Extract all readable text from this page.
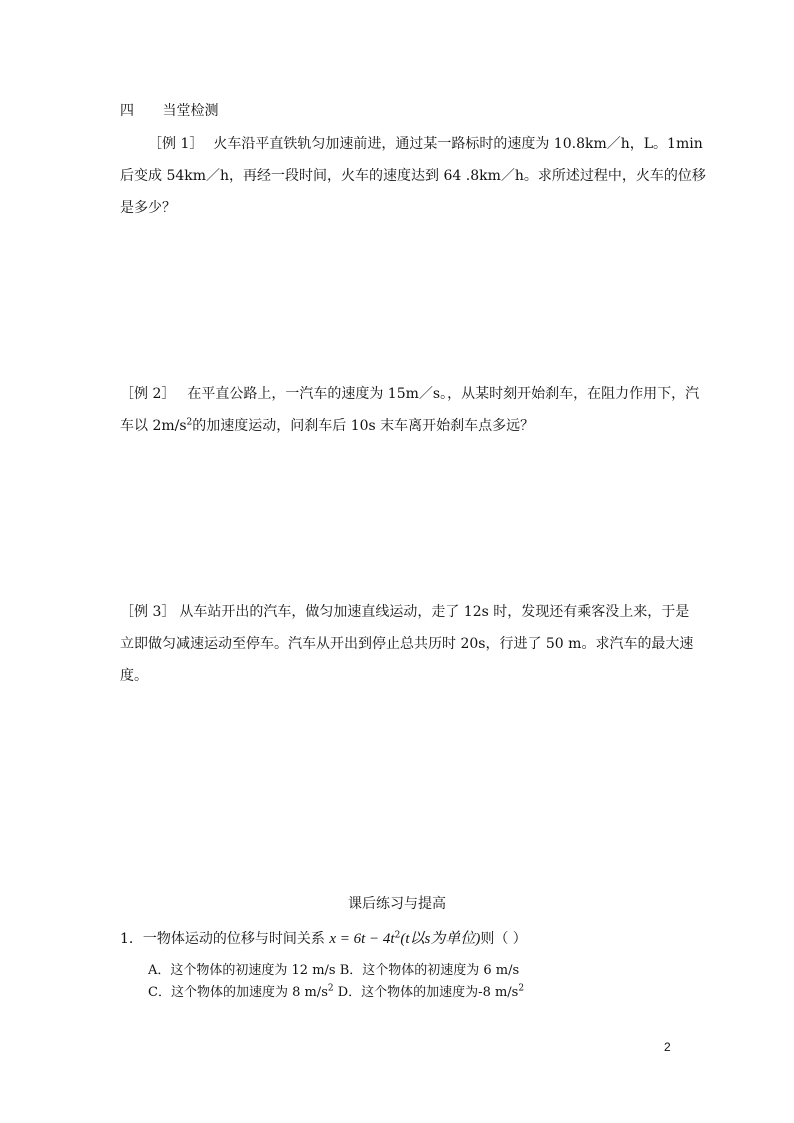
四 当堂检测
［例 1］ 火车沿平直铁轨匀加速前进，通过某一路标时的速度为 10.8km／h，L。1min
后变成 54km／h，再经一段时间，火车的速度达到 64 .8km／h。求所述过程中，火车的位移
是多少？
［例 2］ 在平直公路上，一汽车的速度为 15m／s。，从某时刻开始刹车，在阻力作用下，汽
车以 $2m/s^2$的加速度运动，问刹车后 10s 末车离开始刹车点多远？
［例 3］ 从车站开出的汽车，做匀加速直线运动，走了 12s 时，发现还有乘客没上来，于是
立即做匀减速运动至停车。汽车从开出到停止总共历时 20s，行进了 50 m。求汽车的最大速
度。
课后练习与提高
1．一物体运动的位移与时间关系 $x = 6t - 4t^2(t$以s为单位)则（ ）
A．这个物体的初速度为 12 m/s B．这个物体的初速度为 6 m/s
C．这个物体的加速度为 8 $m/s^2$ D．这个物体的加速度为-8 $m/s^2$
2
